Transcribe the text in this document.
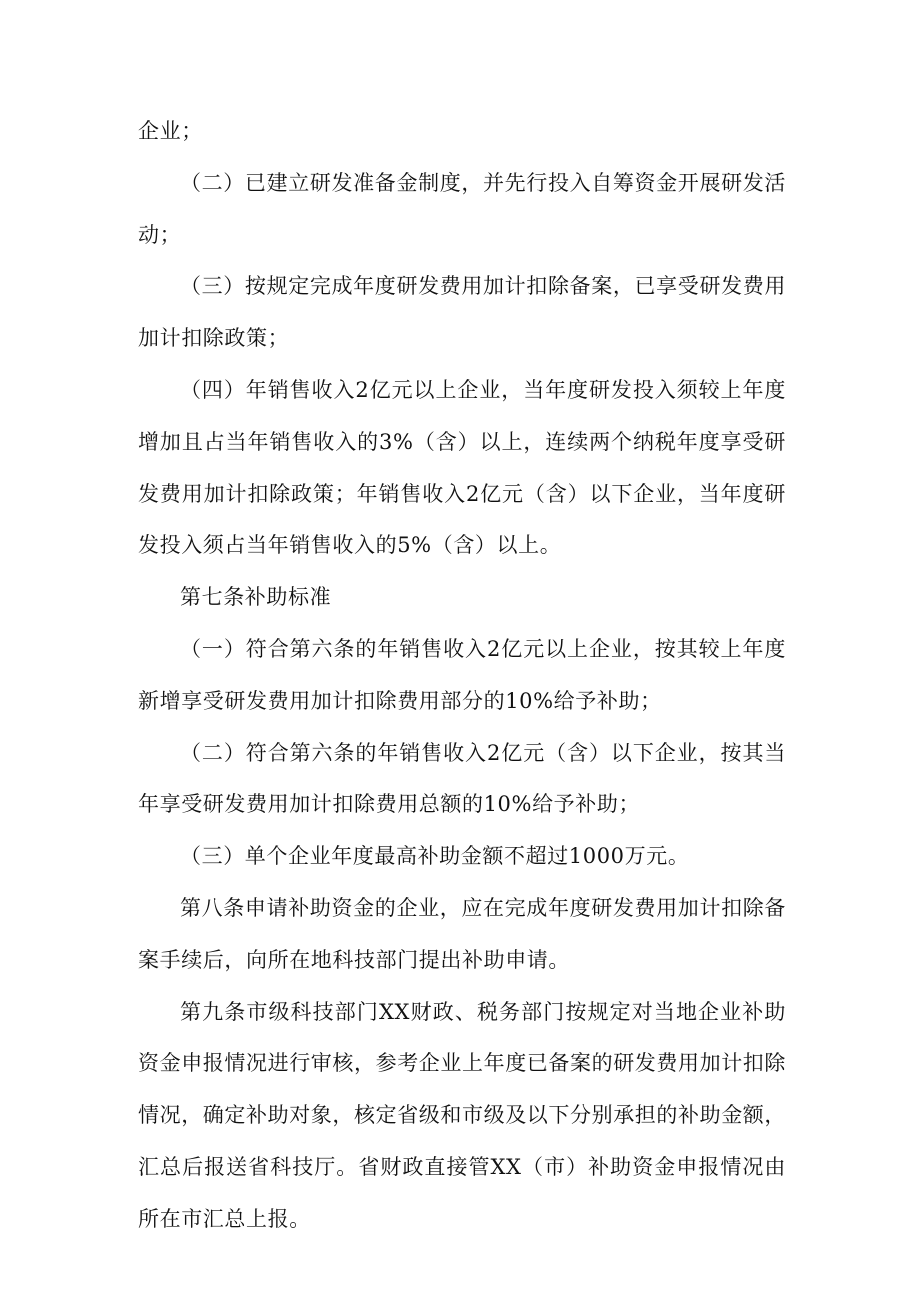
企业；

（二）已建立研发准备金制度，并先行投入自筹资金开展研发活动；

（三）按规定完成年度研发费用加计扣除备案，已享受研发费用加计扣除政策；

（四）年销售收入2亿元以上企业，当年度研发投入须较上年度增加且占当年销售收入的3%（含）以上，连续两个纳税年度享受研发费用加计扣除政策；年销售收入2亿元（含）以下企业，当年度研发投入须占当年销售收入的5%（含）以上。

第七条补助标准

（一）符合第六条的年销售收入2亿元以上企业，按其较上年度新增享受研发费用加计扣除费用部分的10%给予补助；

（二）符合第六条的年销售收入2亿元（含）以下企业，按其当年享受研发费用加计扣除费用总额的10%给予补助；

（三）单个企业年度最高补助金额不超过1000万元。

第八条申请补助资金的企业，应在完成年度研发费用加计扣除备案手续后，向所在地科技部门提出补助申请。

第九条市级科技部门XX财政、税务部门按规定对当地企业补助资金申报情况进行审核，参考企业上年度已备案的研发费用加计扣除情况，确定补助对象，核定省级和市级及以下分别承担的补助金额，汇总后报送省科技厅。省财政直接管XX（市）补助资金申报情况由所在市汇总上报。
